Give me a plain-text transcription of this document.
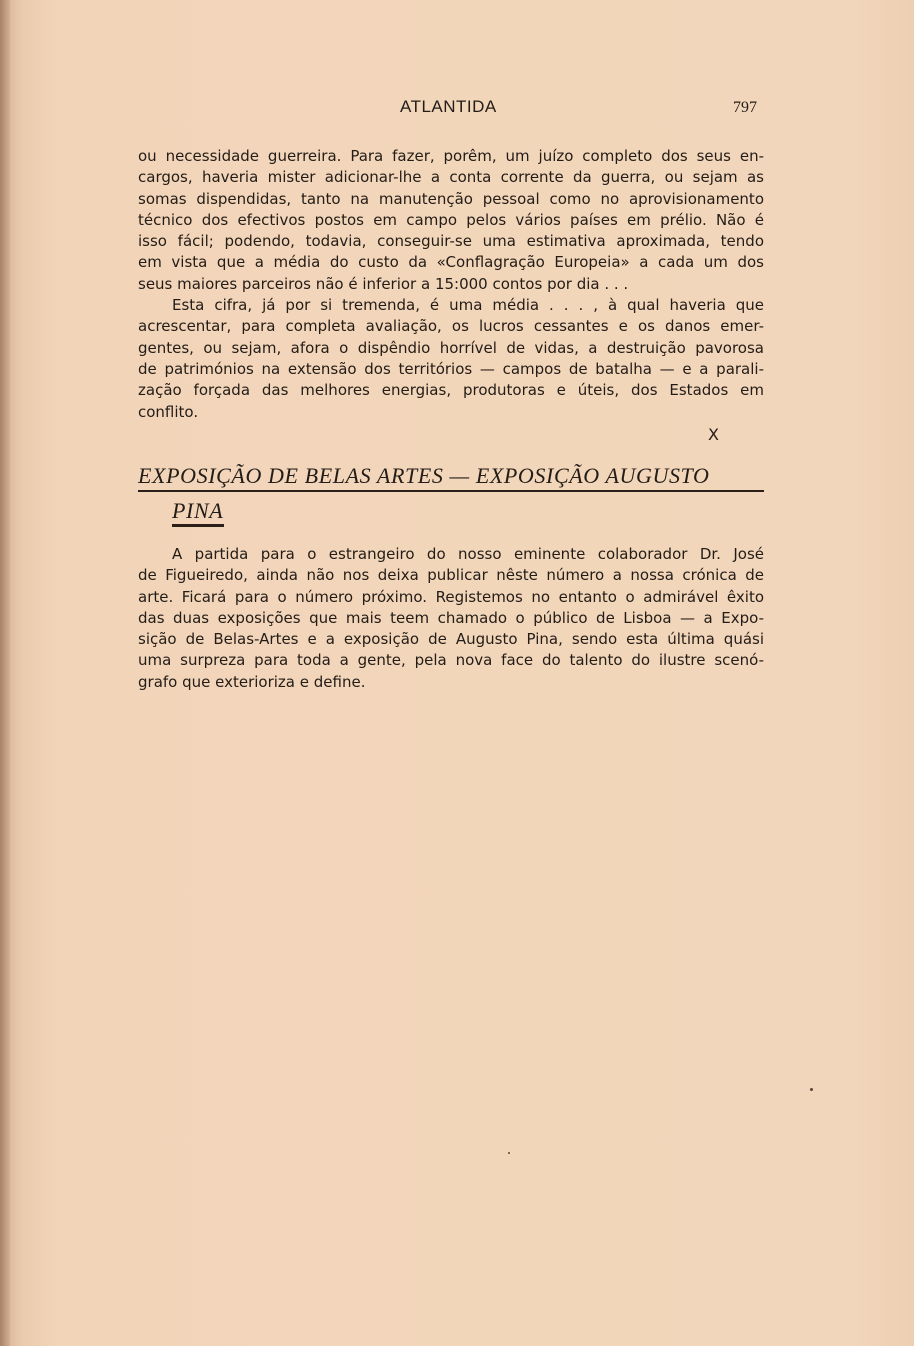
ATLANTIDA	797
ou necessidade guerreira. Para fazer, porêm, um juízo completo dos seus en-
cargos, haveria mister adicionar-lhe a conta corrente da guerra, ou sejam as
somas dispendidas, tanto na manutenção pessoal como no aprovisionamento
técnico dos efectivos postos em campo pelos vários países em prélio. Não é
isso fácil; podendo, todavia, conseguir-se uma estimativa aproximada, tendo
em vista que a média do custo da «Conflagração Europeia» a cada um dos
seus maiores parceiros não é inferior a 15:000 contos por dia . . .
Esta cifra, já por si tremenda, é uma média . . . , à qual haveria que
acrescentar, para completa avaliação, os lucros cessantes e os danos emer-
gentes, ou sejam, afora o dispêndio horrível de vidas, a destruição pavorosa
de patrimónios na extensão dos territórios — campos de batalha — e a parali-
zação forçada das melhores energias, produtoras e úteis, dos Estados em
conflito.
X
EXPOSIÇÃO DE BELAS ARTES — EXPOSIÇÃO AUGUSTO
PINA
A partida para o estrangeiro do nosso eminente colaborador Dr. José
de Figueiredo, ainda não nos deixa publicar nêste número a nossa crónica de
arte. Ficará para o número próximo. Registemos no entanto o admirável êxito
das duas exposições que mais teem chamado o público de Lisboa — a Expo-
sição de Belas-Artes e a exposição de Augusto Pina, sendo esta última quási
uma surpreza para toda a gente, pela nova face do talento do ilustre scenó-
grafo que exterioriza e define.
